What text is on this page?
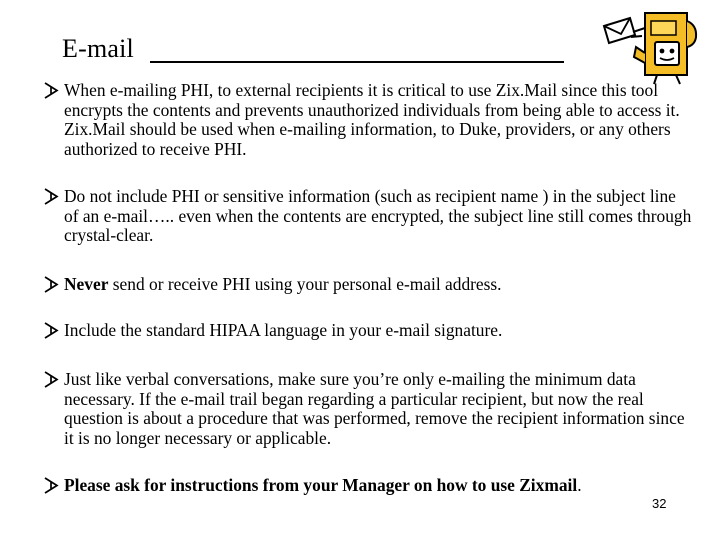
E-mail
When e-mailing PHI, to external recipients it is critical to use Zix.Mail since this tool encrypts the contents and prevents unauthorized individuals from being able to access it. Zix.Mail should be used when e-mailing information, to Duke, providers, or any others authorized to receive PHI.
Do not include PHI or sensitive information (such as recipient name ) in the subject line of an e-mail….. even when the contents are encrypted, the subject line still comes through crystal-clear.
Never send or receive PHI using your personal e-mail address.
Include the standard HIPAA language in your e-mail signature.
Just like verbal conversations, make sure you’re only e-mailing the minimum data necessary. If the e-mail trail began regarding a particular recipient, but now the real question is about a procedure that was performed, remove the recipient information since it is no longer necessary or applicable.
Please ask for instructions from your Manager on how to use Zixmail.
32
